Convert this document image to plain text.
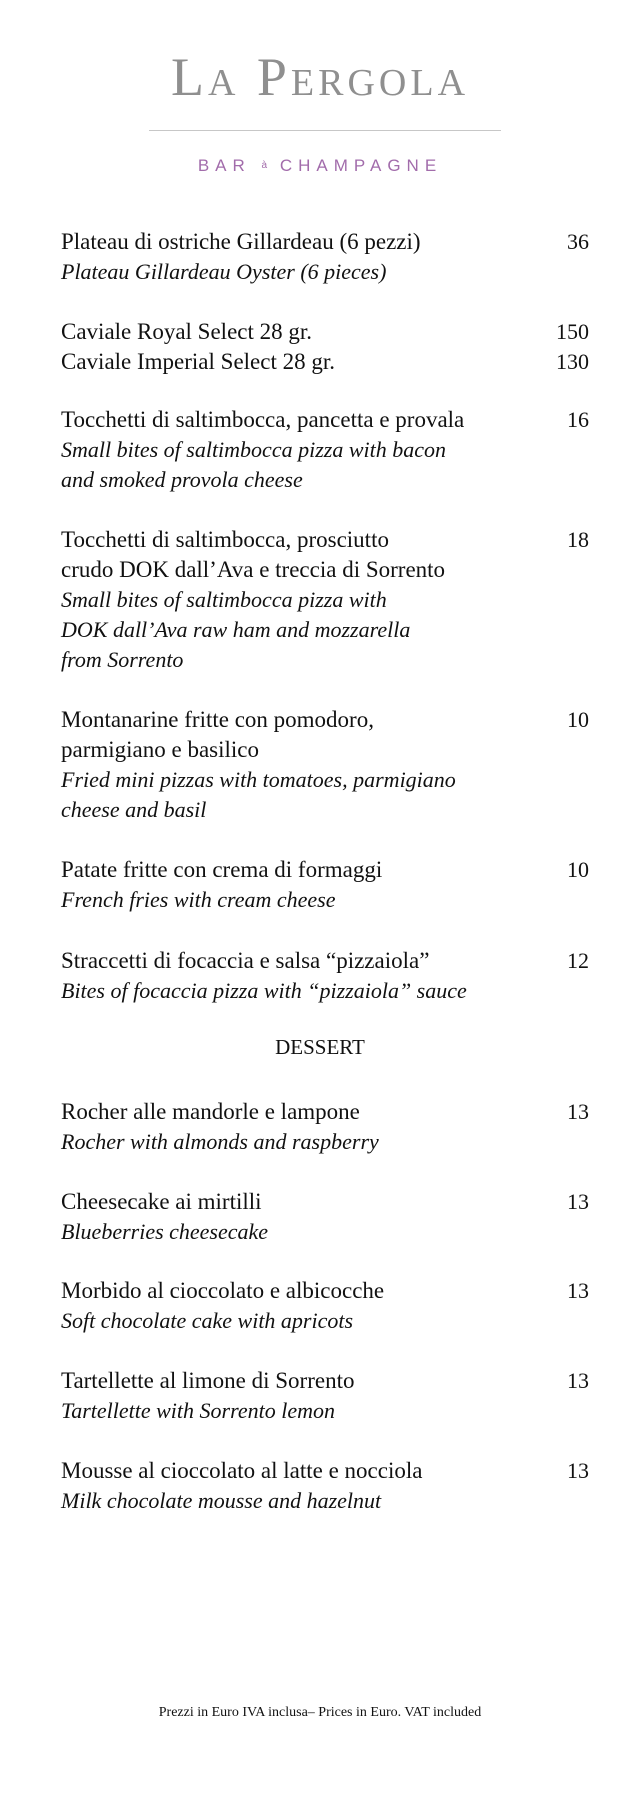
La Pergola
BAR à CHAMPAGNE
Plateau di ostriche Gillardeau (6 pezzi)
Plateau Gillardeau Oyster (6 pieces)
36
Caviale Royal Select 28 gr.
Caviale Imperial Select 28 gr.
150
130
Tocchetti di saltimbocca, pancetta e provala
Small bites of saltimbocca pizza with bacon
and smoked provola cheese
16
Tocchetti di saltimbocca, prosciutto
crudo DOK dall’Ava e treccia di Sorrento
Small bites of saltimbocca pizza with
DOK dall’Ava raw ham and mozzarella
from Sorrento
18
Montanarine fritte con pomodoro,
parmigiano e basilico
Fried mini pizzas with tomatoes, parmigiano
cheese and basil
10
Patate fritte con crema di formaggi
French fries with cream cheese
10
Straccetti di focaccia e salsa “pizzaiola”
Bites of focaccia pizza with “pizzaiola” sauce
12
DESSERT
Rocher alle mandorle e lampone
Rocher with almonds and raspberry
13
Cheesecake ai mirtilli
Blueberries cheesecake
13
Morbido al cioccolato e albicocche
Soft chocolate cake with apricots
13
Tartellette al limone di Sorrento
Tartellette with Sorrento lemon
13
Mousse al cioccolato al latte e nocciola
Milk chocolate mousse and hazelnut
13
Prezzi in Euro IVA inclusa– Prices in Euro. VAT included
